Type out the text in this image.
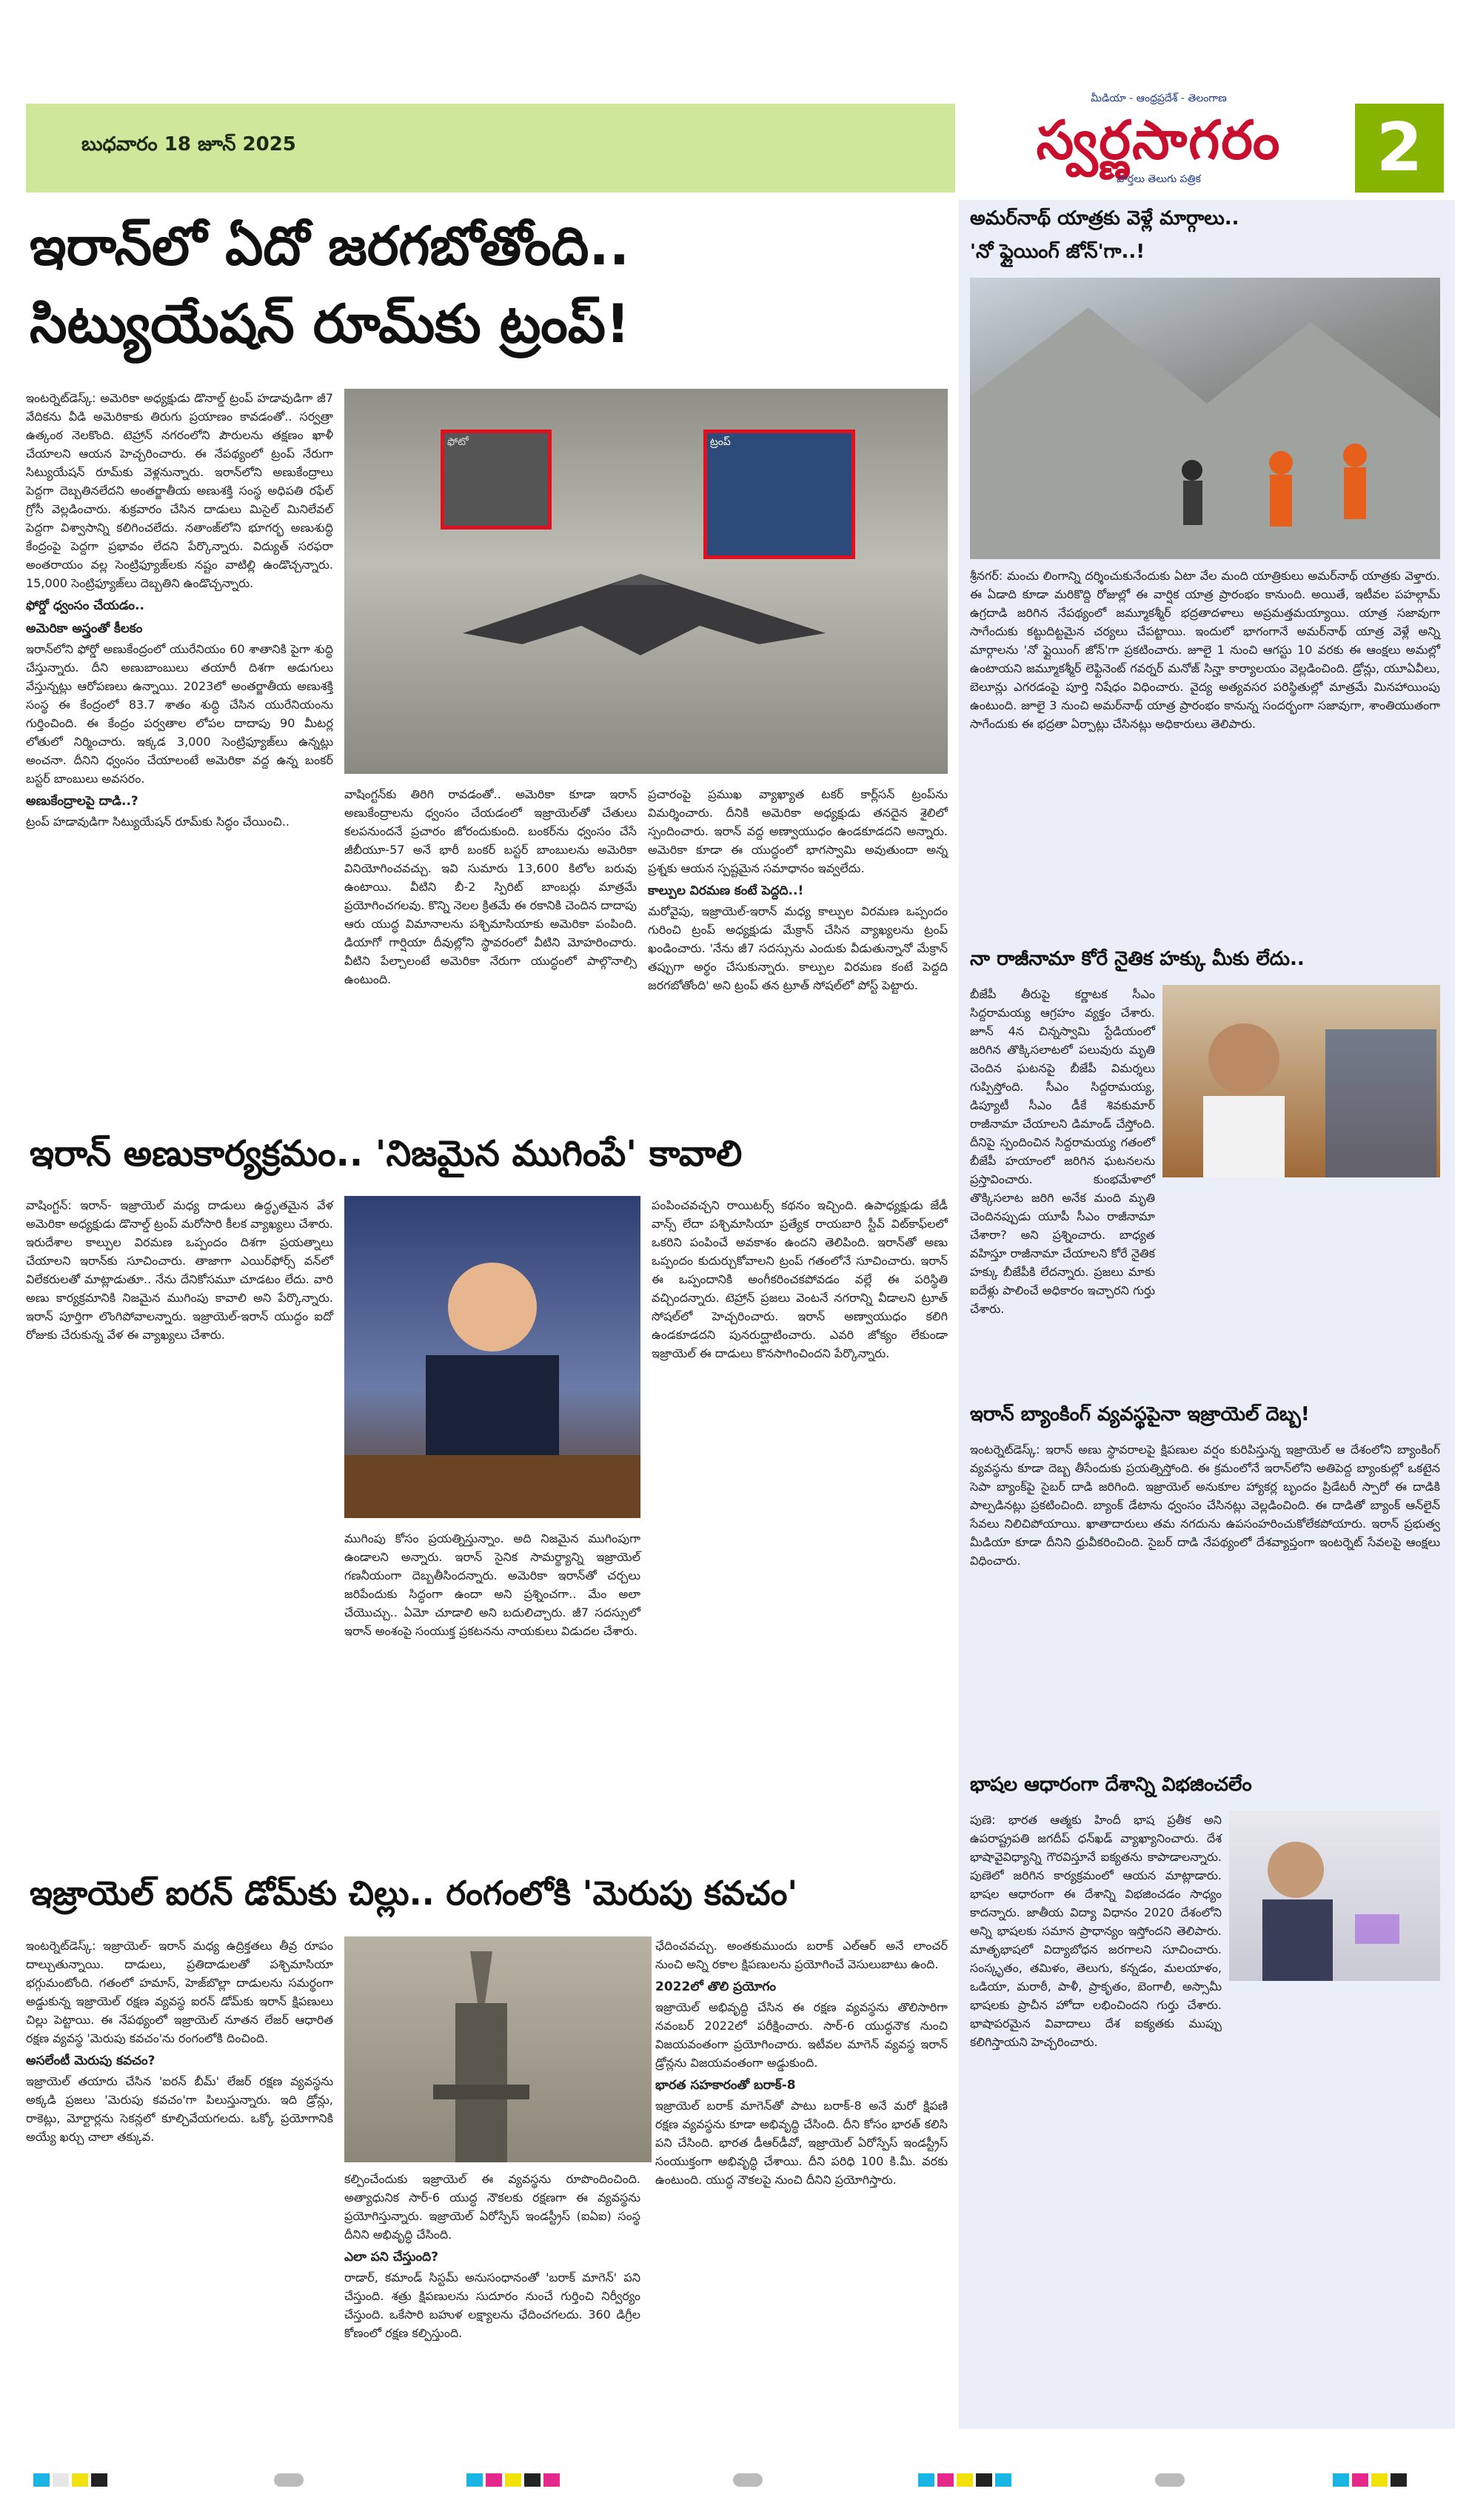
బుధవారం 18 జూన్ 2025
మీడియా - ఆంధ్రప్రదేశ్ - తెలంగాణ
స్వర్ణసాగరం
వార్తలు తెలుగు పత్రిక	2
ఇరాన్‌లో ఏదో జరగబోతోంది..
సిట్యుయేషన్ రూమ్‌కు ట్రంప్!

ఇంటర్నెట్‌డెస్క్: అమెరికా అధ్యక్షుడు డొనాల్డ్ ట్రంప్ హడావుడిగా జీ7 వేదికను వీడి అమెరికాకు తిరుగు ప్రయాణం కావడంతో.. సర్వత్రా ఉత్కంఠ నెలకొంది. టెహ్రాన్ నగరంలోని పౌరులను తక్షణం ఖాళీ చేయాలని ఆయన హెచ్చరించారు. ఈ నేపథ్యంలో ట్రంప్ నేరుగా సిట్యుయేషన్ రూమ్‌కు వెళ్లనున్నారు. ఇరాన్‌లోని అణుకేంద్రాలు పెద్దగా దెబ్బతినలేదని అంతర్జాతీయ అణుశక్తి సంస్థ అధిపతి రఫేల్ గ్రోసీ వెల్లడించారు. శుక్రవారం చేసిన దాడులు మిసైల్ మినిలేవల్ పెద్దగా విశ్వాసాన్ని కలిగించలేదు. నతాంజ్‌లోని భూగర్భ అణుశుద్ధి కేంద్రంపై పెద్దగా ప్రభావం లేదని పేర్కొన్నారు. విద్యుత్ సరఫరా అంతరాయం వల్ల సెంట్రిఫ్యూజ్‌లకు నష్టం వాటిల్లి ఉండొచ్చన్నారు. 15,000 సెంట్రిఫ్యూజ్‌లు దెబ్బతిని ఉండొచ్చన్నారు.

ఫోర్డో ధ్వంసం చేయడం..
అమెరికా అస్త్రంతో కీలకం

ఇరాన్‌లోని ఫోర్డో అణుకేంద్రంలో యురేనియం 60 శాతానికి పైగా శుద్ధి చేస్తున్నారు. దీని అణుబాంబులు తయారీ దిశగా అడుగులు వేస్తున్నట్లు ఆరోపణలు ఉన్నాయి. 2023లో అంతర్జాతీయ అణుశక్తి సంస్థ ఈ కేంద్రంలో 83.7 శాతం శుద్ధి చేసిన యురేనియంను గుర్తించింది. ఈ కేంద్రం పర్వతాల లోపల దాదాపు 90 మీటర్ల లోతులో నిర్మించారు. ఇక్కడ 3,000 సెంట్రిఫ్యూజ్‌లు ఉన్నట్లు అంచనా. దీనిని ధ్వంసం చేయాలంటే అమెరికా వద్ద ఉన్న బంకర్ బస్టర్ బాంబులు అవసరం.

అణుకేంద్రాలపై దాడి..?

ట్రంప్ హడావుడిగా సిట్యుయేషన్ రూమ్‌కు సిద్ధం చేయించి..

ఫోటో	ట్రంప్

వాషింగ్టన్‌కు తిరిగి రావడంతో.. అమెరికా కూడా ఇరాన్ అణుకేంద్రాలను ధ్వంసం చేయడంలో ఇజ్రాయెల్‌తో చేతులు కలపనుందనే ప్రచారం జోరందుకుంది. బంకర్‌ను ధ్వంసం చేసే జీబీయూ-57 అనే భారీ బంకర్ బస్టర్ బాంబులను అమెరికా వినియోగించవచ్చు. ఇవి సుమారు 13,600 కిలోల బరువు ఉంటాయి. వీటిని బీ-2 స్పిరిట్ బాంబర్లు మాత్రమే ప్రయోగించగలవు. కొన్ని నెలల క్రితమే ఈ రకానికి చెందిన దాదాపు ఆరు యుద్ధ విమానాలను పశ్చిమాసియాకు అమెరికా పంపింది. డియాగో గార్షియా దీవుల్లోని స్థావరంలో వీటిని మోహరించారు. వీటిని పేల్చాలంటే అమెరికా నేరుగా యుద్ధంలో పాల్గొనాల్సి ఉంటుంది.

ప్రచారంపై ప్రముఖ వ్యాఖ్యాత టకర్ కార్ల్‌సన్ ట్రంప్‌ను విమర్శించారు. దీనికి అమెరికా అధ్యక్షుడు తనదైన శైలిలో స్పందించారు. ఇరాన్ వద్ద అణ్వాయుధం ఉండకూడదని అన్నారు. అమెరికా కూడా ఈ యుద్ధంలో భాగస్వామి అవుతుందా అన్న ప్రశ్నకు ఆయన స్పష్టమైన సమాధానం ఇవ్వలేదు.

కాల్పుల విరమణ కంటే పెద్దది..!

మరోవైపు, ఇజ్రాయెల్-ఇరాన్ మధ్య కాల్పుల విరమణ ఒప్పందం గురించి ట్రంప్ అధ్యక్షుడు మేక్రాన్ చేసిన వ్యాఖ్యలను ట్రంప్ ఖండించారు. 'నేను జీ7 సదస్సును ఎందుకు వీడుతున్నానో మేక్రాన్ తప్పుగా అర్థం చేసుకున్నారు. కాల్పుల విరమణ కంటే పెద్దది జరగబోతోంది' అని ట్రంప్ తన ట్రూత్ సోషల్‌లో పోస్ట్ పెట్టారు.

ఇరాన్ అణుకార్యక్రమం.. 'నిజమైన ముగింపే' కావాలి

వాషింగ్టన్: ఇరాన్- ఇజ్రాయెల్ మధ్య దాడులు ఉద్ధృతమైన వేళ అమెరికా అధ్యక్షుడు డొనాల్డ్ ట్రంప్ మరోసారి కీలక వ్యాఖ్యలు చేశారు. ఇరుదేశాల కాల్పుల విరమణ ఒప్పందం దిశగా ప్రయత్నాలు చేయాలని ఇరాన్‌కు సూచించారు. తాజాగా ఎయిర్‌ఫోర్స్ వన్‌లో విలేకరులతో మాట్లాడుతూ.. నేను దేనికోసమూ చూడటం లేదు. వారి అణు కార్యక్రమానికి నిజమైన ముగింపు కావాలి అని పేర్కొన్నారు. ఇరాన్ పూర్తిగా లొంగిపోవాలన్నారు. ఇజ్రాయెల్-ఇరాన్ యుద్ధం ఐదో రోజుకు చేరుకున్న వేళ ఈ వ్యాఖ్యలు చేశారు.

ముగింపు కోసం ప్రయత్నిస్తున్నాం. అది నిజమైన ముగింపుగా ఉండాలని అన్నారు. ఇరాన్ సైనిక సామర్థ్యాన్ని ఇజ్రాయెల్ గణనీయంగా దెబ్బతీసిందన్నారు. అమెరికా ఇరాన్‌తో చర్చలు జరిపేందుకు సిద్ధంగా ఉందా అని ప్రశ్నించగా.. మేం అలా చేయొచ్చు.. ఏమో చూడాలి అని బదులిచ్చారు. జీ7 సదస్సులో ఇరాన్ అంశంపై సంయుక్త ప్రకటనను నాయకులు విడుదల చేశారు.

పంపించవచ్చని రాయిటర్స్ కథనం ఇచ్చింది. ఉపాధ్యక్షుడు జేడీ వాన్స్ లేదా పశ్చిమాసియా ప్రత్యేక రాయబారి స్టీవ్ విట్‌కాఫ్‌లలో ఒకరిని పంపించే అవకాశం ఉందని తెలిపింది. ఇరాన్‌తో అణు ఒప్పందం కుదుర్చుకోవాలని ట్రంప్ గతంలోనే సూచించారు. ఇరాన్ ఈ ఒప్పందానికి అంగీకరించకపోవడం వల్లే ఈ పరిస్థితి వచ్చిందన్నారు. టెహ్రాన్ ప్రజలు వెంటనే నగరాన్ని వీడాలని ట్రూత్ సోషల్‌లో హెచ్చరించారు. ఇరాన్ అణ్వాయుధం కలిగి ఉండకూడదని పునరుద్ఘాటించారు. ఎవరి జోక్యం లేకుండా ఇజ్రాయెల్ ఈ దాడులు కొనసాగించిందని పేర్కొన్నారు.

ఇజ్రాయెల్ ఐరన్ డోమ్‌కు చిల్లు.. రంగంలోకి 'మెరుపు కవచం'

ఇంటర్నెట్‌డెస్క్: ఇజ్రాయెల్- ఇరాన్ మధ్య ఉద్రిక్తతలు తీవ్ర రూపం దాల్చుతున్నాయి. దాడులు, ప్రతిదాడులతో పశ్చిమాసియా భగ్గుమంటోంది. గతంలో హమాస్, హెజ్‌బొల్లా దాడులను సమర్థంగా అడ్డుకున్న ఇజ్రాయెల్ రక్షణ వ్యవస్థ ఐరన్ డోమ్‌కు ఇరాన్ క్షిపణులు చిల్లు పెట్టాయి. ఈ నేపథ్యంలో ఇజ్రాయెల్ నూతన లేజర్ ఆధారిత రక్షణ వ్యవస్థ 'మెరుపు కవచం'ను రంగంలోకి దించింది.

అసలేంటీ మెరుపు కవచం?

ఇజ్రాయెల్ తయారు చేసిన 'ఐరన్ బీమ్' లేజర్ రక్షణ వ్యవస్థను అక్కడి ప్రజలు 'మెరుపు కవచం'గా పిలుస్తున్నారు. ఇది డ్రోన్లు, రాకెట్లు, మోర్టార్లను సెకన్లలో కూల్చివేయగలదు. ఒక్కో ప్రయోగానికి అయ్యే ఖర్చు చాలా తక్కువ.

కల్పించేందుకు ఇజ్రాయెల్ ఈ వ్యవస్థను రూపొందించింది. అత్యాధునిక సార్-6 యుద్ధ నౌకలకు రక్షణగా ఈ వ్యవస్థను ప్రయోగిస్తున్నారు. ఇజ్రాయెల్ ఏరోస్పేస్ ఇండస్ట్రీస్ (ఐఏఐ) సంస్థ దీనిని అభివృద్ధి చేసింది.

ఎలా పని చేస్తుంది?

రాడార్, కమాండ్ సిస్టమ్ అనుసంధానంతో 'బరాక్ మాగెన్' పని చేస్తుంది. శత్రు క్షిపణులను సుదూరం నుంచే గుర్తించి నిర్వీర్యం చేస్తుంది. ఒకేసారి బహుళ లక్ష్యాలను ఛేదించగలదు. 360 డిగ్రీల కోణంలో రక్షణ కల్పిస్తుంది.

ఛేదించవచ్చు. అంతకుముందు బరాక్ ఎల్‌ఆర్ అనే లాంచర్ నుంచి అన్ని రకాల క్షిపణులను ప్రయోగించే వెసులుబాటు ఉంది.

2022లో తొలి ప్రయోగం

ఇజ్రాయెల్ అభివృద్ధి చేసిన ఈ రక్షణ వ్యవస్థను తొలిసారిగా నవంబర్ 2022లో పరీక్షించారు. సార్-6 యుద్ధనౌక నుంచి విజయవంతంగా ప్రయోగించారు. ఇటీవల మాగెన్ వ్యవస్థ ఇరాన్ డ్రోన్లను విజయవంతంగా అడ్డుకుంది.

భారత సహకారంతో బరాక్-8

ఇజ్రాయెల్ బరాక్ మాగెన్‌తో పాటు బరాక్-8 అనే మరో క్షిపణి రక్షణ వ్యవస్థను కూడా అభివృద్ధి చేసింది. దీని కోసం భారత్ కలిసి పని చేసింది. భారత డీఆర్‌డీవో, ఇజ్రాయెల్ ఏరోస్పేస్ ఇండస్ట్రీస్ సంయుక్తంగా అభివృద్ధి చేశాయి. దీని పరిధి 100 కి.మీ. వరకు ఉంటుంది. యుద్ధ నౌకలపై నుంచి దీనిని ప్రయోగిస్తారు.

అమర్‌నాథ్ యాత్రకు వెళ్లే మార్గాలు..
'నో ఫ్లైయింగ్ జోన్'గా..!

శ్రీనగర్: మంచు లింగాన్ని దర్శించుకునేందుకు ఏటా వేల మంది యాత్రికులు అమర్‌నాథ్ యాత్రకు వెళ్తారు. ఈ ఏడాది కూడా మరికొద్ది రోజుల్లో ఈ వార్షిక యాత్ర ప్రారంభం కానుంది. అయితే, ఇటీవల పహల్గామ్ ఉగ్రదాడి జరిగిన నేపథ్యంలో జమ్మూకశ్మీర్ భద్రతాదళాలు అప్రమత్తమయ్యాయి. యాత్ర సజావుగా సాగేందుకు కట్టుదిట్టమైన చర్యలు చేపట్టాయి. ఇందులో భాగంగానే అమర్‌నాథ్ యాత్ర వెళ్లే అన్ని మార్గాలను 'నో ఫ్లైయింగ్ జోన్'గా ప్రకటించారు. జూలై 1 నుంచి ఆగస్టు 10 వరకు ఈ ఆంక్షలు అమల్లో ఉంటాయని జమ్మూకశ్మీర్ లెఫ్టినెంట్ గవర్నర్ మనోజ్ సిన్హా కార్యాలయం వెల్లడించింది. డ్రోన్లు, యూఏవీలు, బెలూన్లు ఎగరడంపై పూర్తి నిషేధం విధించారు. వైద్య అత్యవసర పరిస్థితుల్లో మాత్రమే మినహాయింపు ఉంటుంది. జూలై 3 నుంచి అమర్‌నాథ్ యాత్ర ప్రారంభం కానున్న సందర్భంగా సజావుగా, శాంతియుతంగా సాగేందుకు ఈ భద్రతా ఏర్పాట్లు చేసినట్లు అధికారులు తెలిపారు.

నా రాజీనామా కోరే నైతిక హక్కు మీకు లేదు..

బీజేపీ తీరుపై కర్ణాటక సీఎం సిద్దరామయ్య ఆగ్రహం వ్యక్తం చేశారు. జూన్ 4న చిన్నస్వామి స్టేడియంలో జరిగిన తొక్కిసలాటలో పలువురు మృతి చెందిన ఘటనపై బీజేపీ విమర్శలు గుప్పిస్తోంది. సీఎం సిద్దరామయ్య, డిప్యూటీ సీఎం డీకే శివకుమార్ రాజీనామా చేయాలని డిమాండ్ చేస్తోంది. దీనిపై స్పందించిన సిద్దరామయ్య గతంలో బీజేపీ హయాంలో జరిగిన ఘటనలను ప్రస్తావించారు. కుంభమేళాలో తొక్కిసలాట జరిగి అనేక మంది మృతి చెందినప్పుడు యూపీ సీఎం రాజీనామా చేశారా? అని ప్రశ్నించారు. బాధ్యత వహిస్తూ రాజీనామా చేయాలని కోరే నైతిక హక్కు బీజేపీకి లేదన్నారు. ప్రజలు మాకు ఐదేళ్లు పాలించే అధికారం ఇచ్చారని గుర్తు చేశారు.

ఇరాన్ బ్యాంకింగ్ వ్యవస్థపైనా ఇజ్రాయెల్ దెబ్బ!

ఇంటర్నెట్‌డెస్క్: ఇరాన్ అణు స్థావరాలపై క్షిపణుల వర్షం కురిపిస్తున్న ఇజ్రాయెల్ ఆ దేశంలోని బ్యాంకింగ్ వ్యవస్థను కూడా దెబ్బ తీసేందుకు ప్రయత్నిస్తోంది. ఈ క్రమంలోనే ఇరాన్‌లోని అతిపెద్ద బ్యాంకుల్లో ఒకటైన సెపా బ్యాంక్‌పై సైబర్ దాడి జరిగింది. ఇజ్రాయెల్ అనుకూల హ్యాకర్ల బృందం ప్రిడేటరీ స్పారో ఈ దాడికి పాల్పడినట్లు ప్రకటించింది. బ్యాంక్ డేటాను ధ్వంసం చేసినట్లు వెల్లడించింది. ఈ దాడితో బ్యాంక్ ఆన్‌లైన్ సేవలు నిలిచిపోయాయి. ఖాతాదారులు తమ నగదును ఉపసంహరించుకోలేకపోయారు. ఇరాన్ ప్రభుత్వ మీడియా కూడా దీనిని ధ్రువీకరించింది. సైబర్ దాడి నేపథ్యంలో దేశవ్యాప్తంగా ఇంటర్నెట్ సేవలపై ఆంక్షలు విధించారు.

భాషల ఆధారంగా దేశాన్ని విభజించలేం

పుణె: భారత ఆత్మకు హిందీ భాష ప్రతీక అని ఉపరాష్ట్రపతి జగదీప్ ధన్‌ఖడ్ వ్యాఖ్యానించారు. దేశ భాషావైవిధ్యాన్ని గౌరవిస్తూనే ఐక్యతను కాపాడాలన్నారు. పుణెలో జరిగిన కార్యక్రమంలో ఆయన మాట్లాడారు. భాషల ఆధారంగా ఈ దేశాన్ని విభజించడం సాధ్యం కాదన్నారు. జాతీయ విద్యా విధానం 2020 దేశంలోని అన్ని భాషలకు సమాన ప్రాధాన్యం ఇస్తోందని తెలిపారు. మాతృభాషలో విద్యాబోధన జరగాలని సూచించారు. సంస్కృతం, తమిళం, తెలుగు, కన్నడం, మలయాళం, ఒడియా, మరాఠీ, పాళీ, ప్రాకృతం, బెంగాలీ, అస్సామీ భాషలకు ప్రాచీన హోదా లభించిందని గుర్తు చేశారు. భాషాపరమైన వివాదాలు దేశ ఐక్యతకు ముప్పు కలిగిస్తాయని హెచ్చరించారు.
